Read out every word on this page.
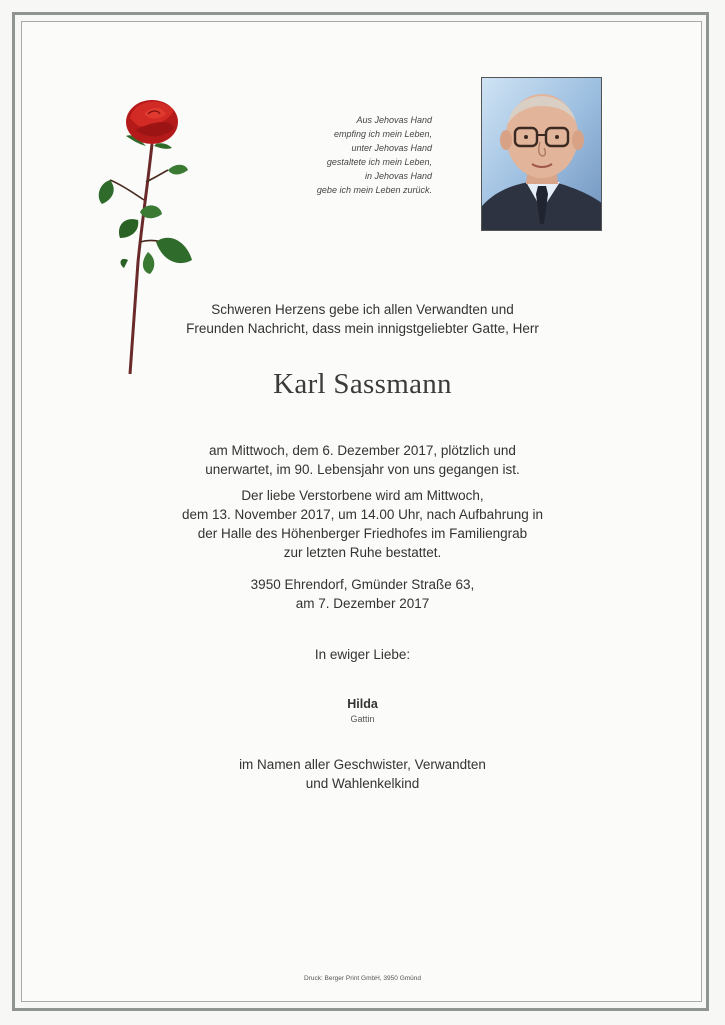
Aus Jehovas Hand
empfing ich mein Leben,
unter Jehovas Hand
gestaltete ich mein Leben,
in Jehovas Hand
gebe ich mein Leben zurück.
Schweren Herzens gebe ich allen Verwandten und
Freunden Nachricht, dass mein innigstgeliebter Gatte, Herr
Karl Sassmann
am Mittwoch, dem 6. Dezember 2017, plötzlich und
unerwartet, im 90. Lebensjahr von uns gegangen ist.
Der liebe Verstorbene wird am Mittwoch,
dem 13. November 2017, um 14.00 Uhr, nach Aufbahrung in
der Halle des Höhenberger Friedhofes im Familiengrab
zur letzten Ruhe bestattet.
3950 Ehrendorf, Gmünder Straße 63,
am 7. Dezember 2017
In ewiger Liebe:
Hilda
Gattin
im Namen aller Geschwister, Verwandten
und Wahlenkelkind
Druck: Berger Print GmbH, 3950 Gmünd
